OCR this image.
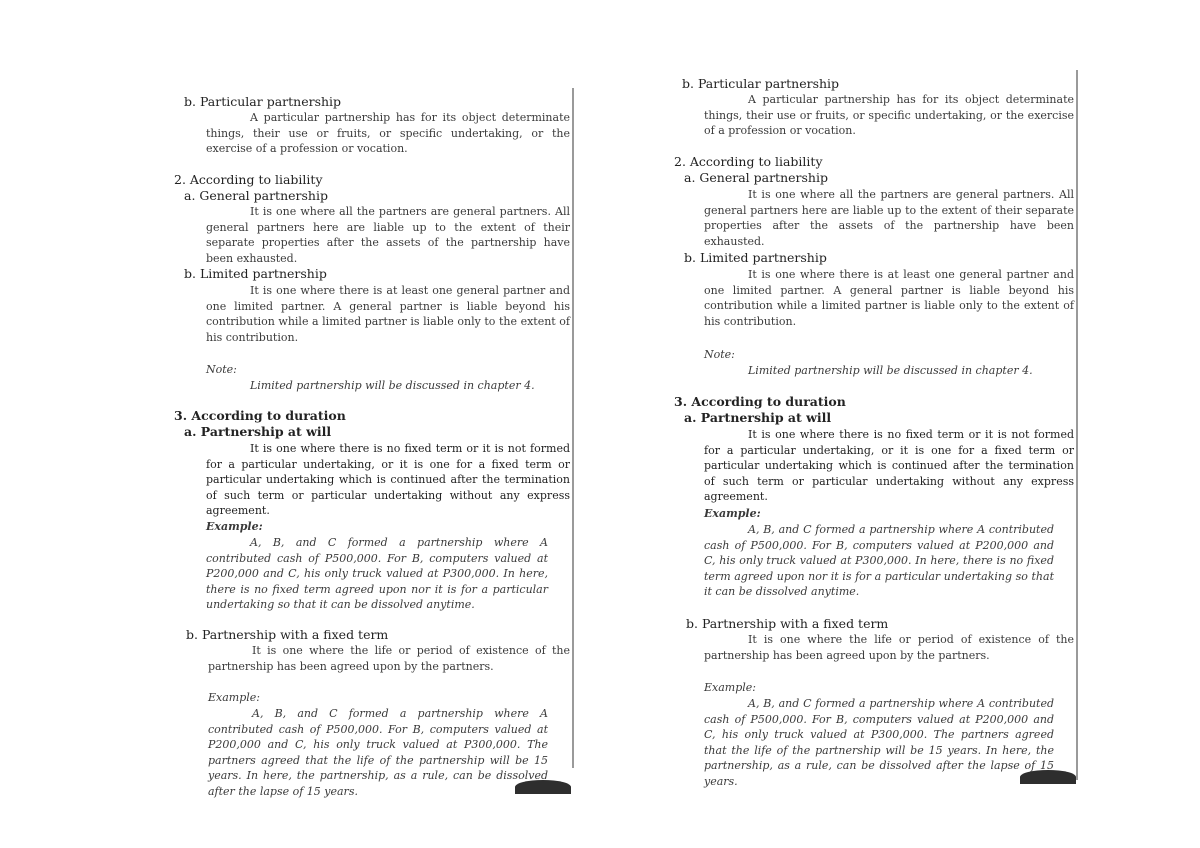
b. Particular partnership
A particular partnership has for its object determinate things, their use or fruits, or specific undertaking, or the exercise of a profession or vocation.
2. According to liability
a. General partnership
It is one where all the partners are general partners. All general partners here are liable up to the extent of their separate properties after the assets of the partnership have been exhausted.
b. Limited partnership
It is one where there is at least one general partner and one limited partner. A general partner is liable beyond his contribution while a limited partner is liable only to the extent of his contribution.
Note:
Limited partnership will be discussed in chapter 4.
3. According to duration
a. Partnership at will
It is one where there is no fixed term or it is not formed for a particular undertaking, or it is one for a fixed term or particular undertaking which is continued after the termination of such term or particular undertaking without any express agreement.
Example:
A, B, and C formed a partnership where A contributed cash of P500,000. For B, computers valued at P200,000 and C, his only truck valued at P300,000. In here, there is no fixed term agreed upon nor it is for a particular undertaking so that it can be dissolved anytime.
b. Partnership with a fixed term
It is one where the life or period of existence of the partnership has been agreed upon by the partners.
Example:
A, B, and C formed a partnership where A contributed cash of P500,000. For B, computers valued at P200,000 and C, his only truck valued at P300,000. The partners agreed that the life of the partnership will be 15 years. In here, the partnership, as a rule, can be dissolved after the lapse of 15 years.
b. Particular partnership
A particular partnership has for its object determinate things, their use or fruits, or specific undertaking, or the exercise of a profession or vocation.
2. According to liability
a. General partnership
It is one where all the partners are general partners. All general partners here are liable up to the extent of their separate properties after the assets of the partnership have been exhausted.
b. Limited partnership
It is one where there is at least one general partner and one limited partner. A general partner is liable beyond his contribution while a limited partner is liable only to the extent of his contribution.
Note:
Limited partnership will be discussed in chapter 4.
3. According to duration
a. Partnership at will
It is one where there is no fixed term or it is not formed for a particular undertaking, or it is one for a fixed term or particular undertaking which is continued after the termination of such term or particular undertaking without any express agreement.
Example:
A, B, and C formed a partnership where A contributed cash of P500,000. For B, computers valued at P200,000 and C, his only truck valued at P300,000. In here, there is no fixed term agreed upon nor it is for a particular undertaking so that it can be dissolved anytime.
b. Partnership with a fixed term
It is one where the life or period of existence of the partnership has been agreed upon by the partners.
Example:
A, B, and C formed a partnership where A contributed cash of P500,000. For B, computers valued at P200,000 and C, his only truck valued at P300,000. The partners agreed that the life of the partnership will be 15 years. In here, the partnership, as a rule, can be dissolved after the lapse of 15 years.
